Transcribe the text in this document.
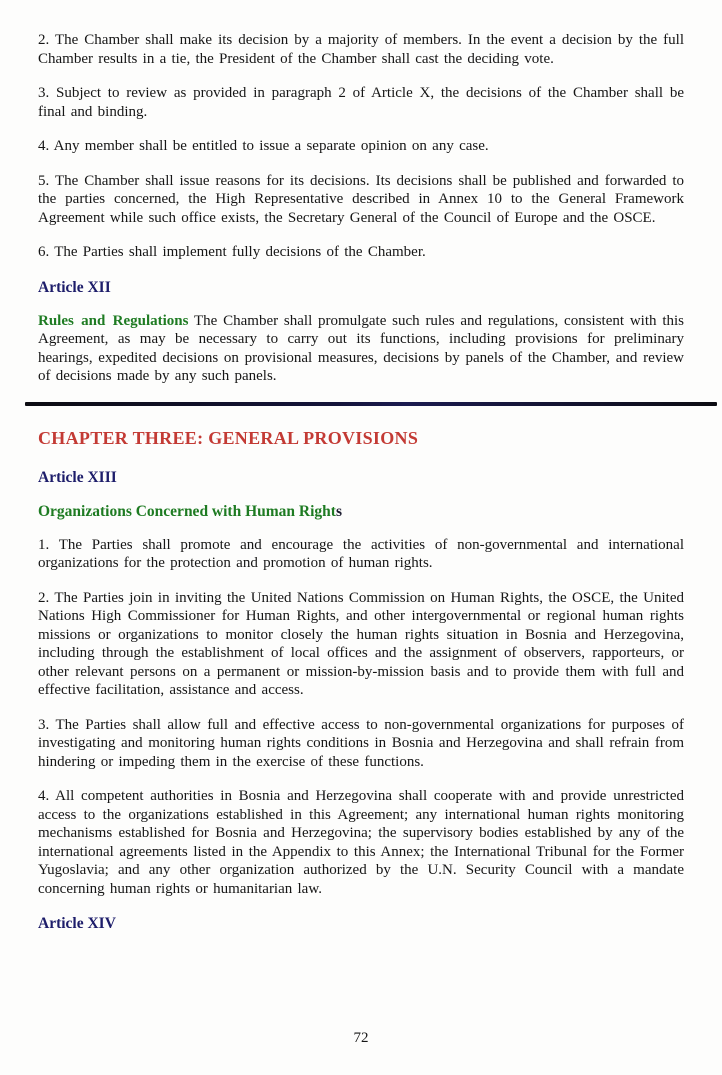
2. The Chamber shall make its decision by a majority of members. In the event a decision by the full Chamber results in a tie, the President of the Chamber shall cast the deciding vote.

3. Subject to review as provided in paragraph 2 of Article X, the decisions of the Chamber shall be final and binding.

4. Any member shall be entitled to issue a separate opinion on any case.

5. The Chamber shall issue reasons for its decisions. Its decisions shall be published and forwarded to the parties concerned, the High Representative described in Annex 10 to the General Framework Agreement while such office exists, the Secretary General of the Council of Europe and the OSCE.

6. The Parties shall implement fully decisions of the Chamber.

Article XII

Rules and Regulations The Chamber shall promulgate such rules and regulations, consistent with this Agreement, as may be necessary to carry out its functions, including provisions for preliminary hearings, expedited decisions on provisional measures, decisions by panels of the Chamber, and review of decisions made by any such panels.

CHAPTER THREE: GENERAL PROVISIONS
Article XIII
Organizations Concerned with Human Rights

1. The Parties shall promote and encourage the activities of non-governmental and international organizations for the protection and promotion of human rights.

2. The Parties join in inviting the United Nations Commission on Human Rights, the OSCE, the United Nations High Commissioner for Human Rights, and other intergovernmental or regional human rights missions or organizations to monitor closely the human rights situation in Bosnia and Herzegovina, including through the establishment of local offices and the assignment of observers, rapporteurs, or other relevant persons on a permanent or mission-by-mission basis and to provide them with full and effective facilitation, assistance and access.

3. The Parties shall allow full and effective access to non-governmental organizations for purposes of investigating and monitoring human rights conditions in Bosnia and Herzegovina and shall refrain from hindering or impeding them in the exercise of these functions.

4. All competent authorities in Bosnia and Herzegovina shall cooperate with and provide unrestricted access to the organizations established in this Agreement; any international human rights monitoring mechanisms established for Bosnia and Herzegovina; the supervisory bodies established by any of the international agreements listed in the Appendix to this Annex; the International Tribunal for the Former Yugoslavia; and any other organization authorized by the U.N. Security Council with a mandate concerning human rights or humanitarian law.

Article XIV
72
